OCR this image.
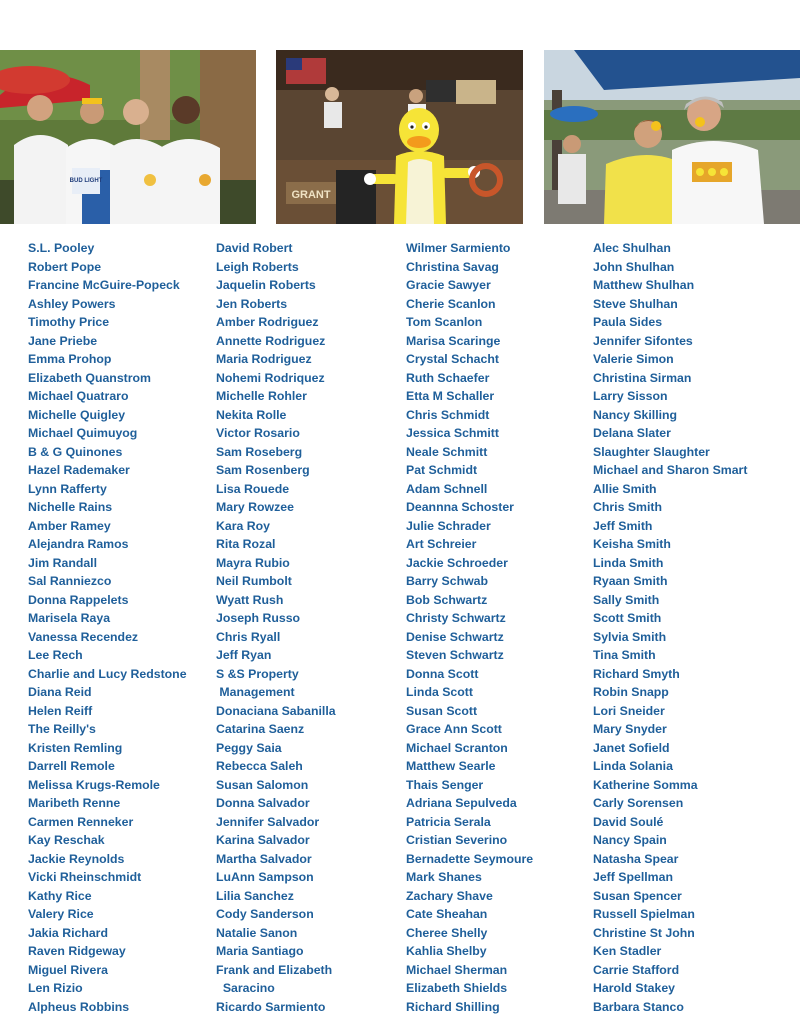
BUD LIGHT
GRANT
S.L. Pooley
Robert Pope
Francine McGuire-Popeck
Ashley Powers
Timothy Price
Jane Priebe
Emma Prohop
Elizabeth Quanstrom
Michael Quatraro
Michelle Quigley
Michael Quimuyog
B & G Quinones
Hazel Rademaker
Lynn Rafferty
Nichelle Rains
Amber Ramey
Alejandra Ramos
Jim Randall
Sal Ranniezco
Donna Rappelets
Marisela Raya
Vanessa Recendez
Lee Rech
Charlie and Lucy Redstone
Diana Reid
Helen Reiff
The Reilly's
Kristen Remling
Darrell Remole
Melissa Krugs-Remole
Maribeth Renne
Carmen Renneker
Kay Reschak
Jackie Reynolds
Vicki Rheinschmidt
Kathy Rice
Valery Rice
Jakia Richard
Raven Ridgeway
Miguel Rivera
Len Rizio
Alpheus Robbins
David Robert
Leigh Roberts
Jaquelin Roberts
Jen Roberts
Amber Rodriguez
Annette Rodriguez
Maria Rodriguez
Nohemi Rodriquez
Michelle Rohler
Nekita Rolle
Victor Rosario
Sam Roseberg
Sam Rosenberg
Lisa Rouede
Mary Rowzee
Kara Roy
Rita Rozal
Mayra Rubio
Neil Rumbolt
Wyatt Rush
Joseph Russo
Chris Ryall
Jeff Ryan
S &S Property
Management
Donaciana Sabanilla
Catarina Saenz
Peggy Saia
Rebecca Saleh
Susan Salomon
Donna Salvador
Jennifer Salvador
Karina Salvador
Martha Salvador
LuAnn Sampson
Lilia Sanchez
Cody Sanderson
Natalie Sanon
Maria Santiago
Frank and Elizabeth
Saracino
Ricardo Sarmiento
Wilmer Sarmiento
Christina Savag
Gracie Sawyer
Cherie Scanlon
Tom Scanlon
Marisa Scaringe
Crystal Schacht
Ruth Schaefer
Etta M Schaller
Chris Schmidt
Jessica Schmitt
Neale Schmitt
Pat Schmidt
Adam Schnell
Deannna Schoster
Julie Schrader
Art Schreier
Jackie Schroeder
Barry Schwab
Bob Schwartz
Christy Schwartz
Denise Schwartz
Steven Schwartz
Donna Scott
Linda Scott
Susan Scott
Grace Ann Scott
Michael Scranton
Matthew Searle
Thais Senger
Adriana Sepulveda
Patricia Serala
Cristian Severino
Bernadette Seymoure
Mark Shanes
Zachary Shave
Cate Sheahan
Cheree Shelly
Kahlia Shelby
Michael Sherman
Elizabeth Shields
Richard Shilling
Alec Shulhan
John Shulhan
Matthew Shulhan
Steve Shulhan
Paula Sides
Jennifer Sifontes
Valerie Simon
Christina Sirman
Larry Sisson
Nancy Skilling
Delana Slater
Slaughter Slaughter
Michael and Sharon Smart
Allie Smith
Chris Smith
Jeff Smith
Keisha Smith
Linda Smith
Ryaan Smith
Sally Smith
Scott Smith
Sylvia Smith
Tina Smith
Richard Smyth
Robin Snapp
Lori Sneider
Mary Snyder
Janet Sofield
Linda Solania
Katherine Somma
Carly Sorensen
David Soulé
Nancy Spain
Natasha Spear
Jeff Spellman
Susan Spencer
Russell Spielman
Christine St John
Ken Stadler
Carrie Stafford
Harold Stakey
Barbara Stanco
